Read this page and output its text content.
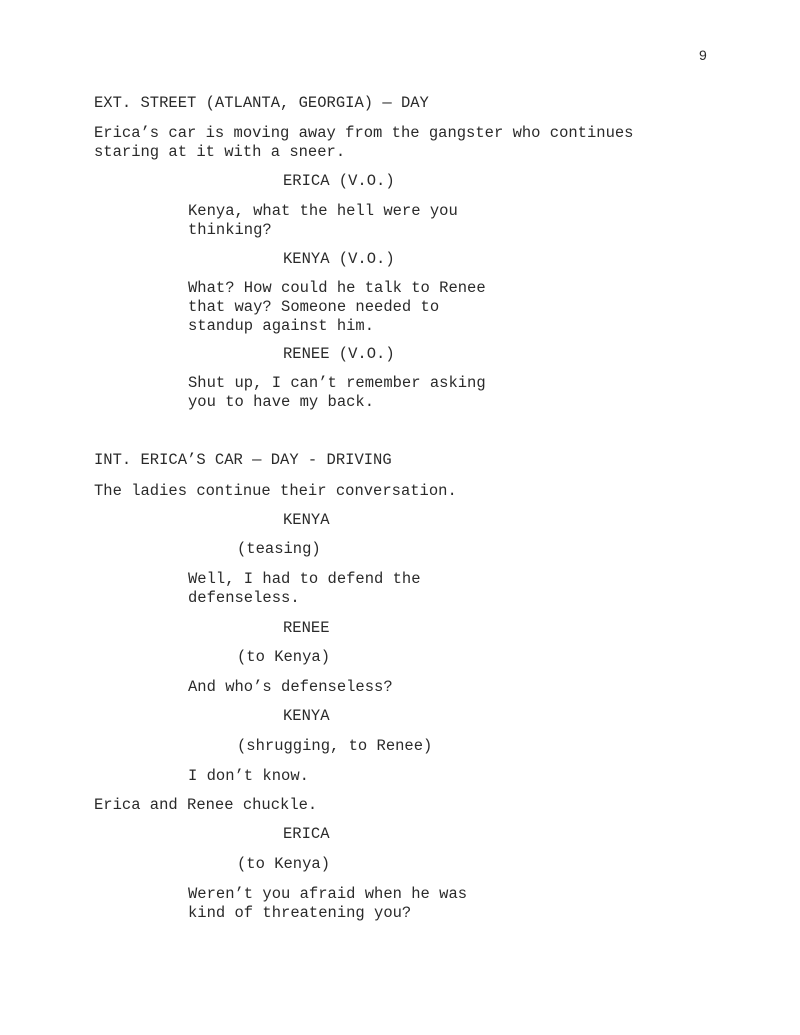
9
EXT. STREET (ATLANTA, GEORGIA) — DAY
Erica’s car is moving away from the gangster who continues
staring at it with a sneer.
ERICA (V.O.)
Kenya, what the hell were you
thinking?
KENYA (V.O.)
What? How could he talk to Renee
that way? Someone needed to
standup against him.
RENEE (V.O.)
Shut up, I can’t remember asking
you to have my back.
INT. ERICA’S CAR — DAY - DRIVING
The ladies continue their conversation.
KENYA
(teasing)
Well, I had to defend the
defenseless.
RENEE
(to Kenya)
And who’s defenseless?
KENYA
(shrugging, to Renee)
I don’t know.
Erica and Renee chuckle.
ERICA
(to Kenya)
Weren’t you afraid when he was
kind of threatening you?
